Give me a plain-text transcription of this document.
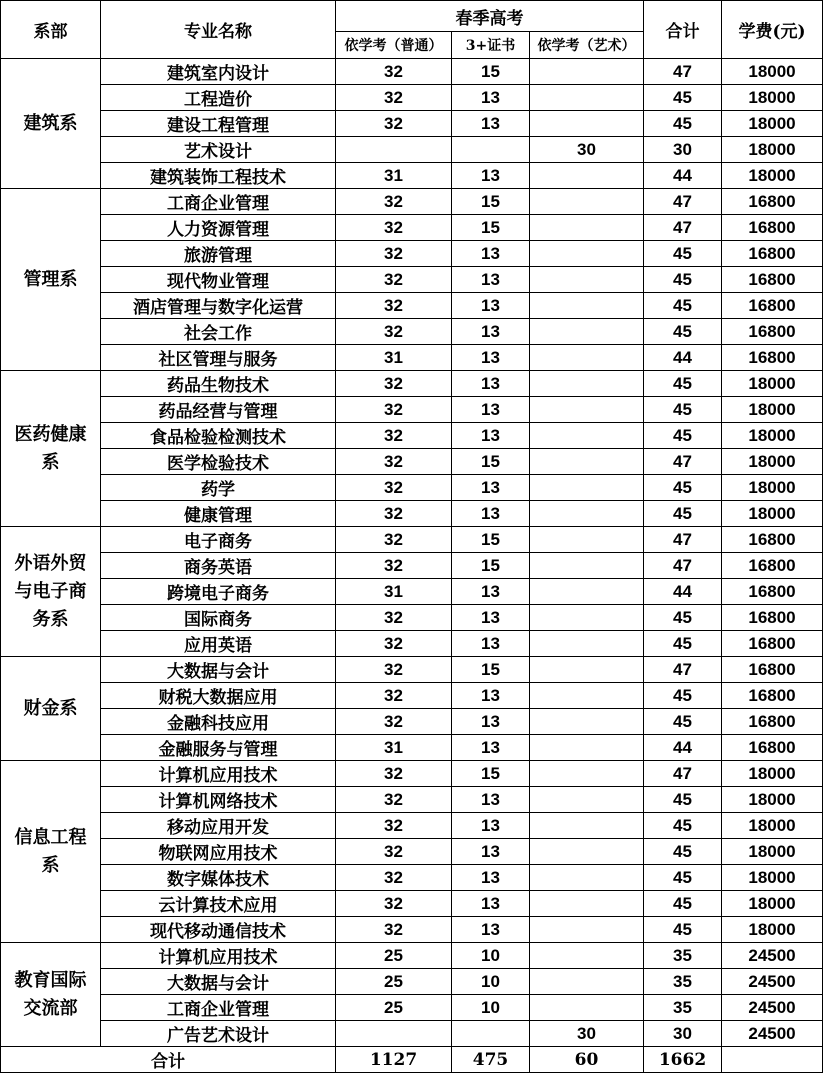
系部	专业名称	春季高考			合计	学费(元)
		依学考（普通）	3+证书	依学考（艺术）		
建筑系	建筑室内设计	32	15		47	18000
	工程造价	32	13		45	18000
	建设工程管理	32	13		45	18000
	艺术设计			30	30	18000
	建筑装饰工程技术	31	13		44	18000
管理系	工商企业管理	32	15		47	16800
	人力资源管理	32	15		47	16800
	旅游管理	32	13		45	16800
	现代物业管理	32	13		45	16800
	酒店管理与数字化运营	32	13		45	16800
	社会工作	32	13		45	16800
	社区管理与服务	31	13		44	16800
医药健康系	药品生物技术	32	13		45	18000
	药品经营与管理	32	13		45	18000
	食品检验检测技术	32	13		45	18000
	医学检验技术	32	15		47	18000
	药学	32	13		45	18000
	健康管理	32	13		45	18000
外语外贸与电子商务系	电子商务	32	15		47	16800
	商务英语	32	15		47	16800
	跨境电子商务	31	13		44	16800
	国际商务	32	13		45	16800
	应用英语	32	13		45	16800
财金系	大数据与会计	32	15		47	16800
	财税大数据应用	32	13		45	16800
	金融科技应用	32	13		45	16800
	金融服务与管理	31	13		44	16800
信息工程系	计算机应用技术	32	15		47	18000
	计算机网络技术	32	13		45	18000
	移动应用开发	32	13		45	18000
	物联网应用技术	32	13		45	18000
	数字媒体技术	32	13		45	18000
	云计算技术应用	32	13		45	18000
	现代移动通信技术	32	13		45	18000
教育国际交流部	计算机应用技术	25	10		35	24500
	大数据与会计	25	10		35	24500
	工商企业管理	25	10		35	24500
	广告艺术设计			30	30	24500
合计		1127	475	60	1662	
